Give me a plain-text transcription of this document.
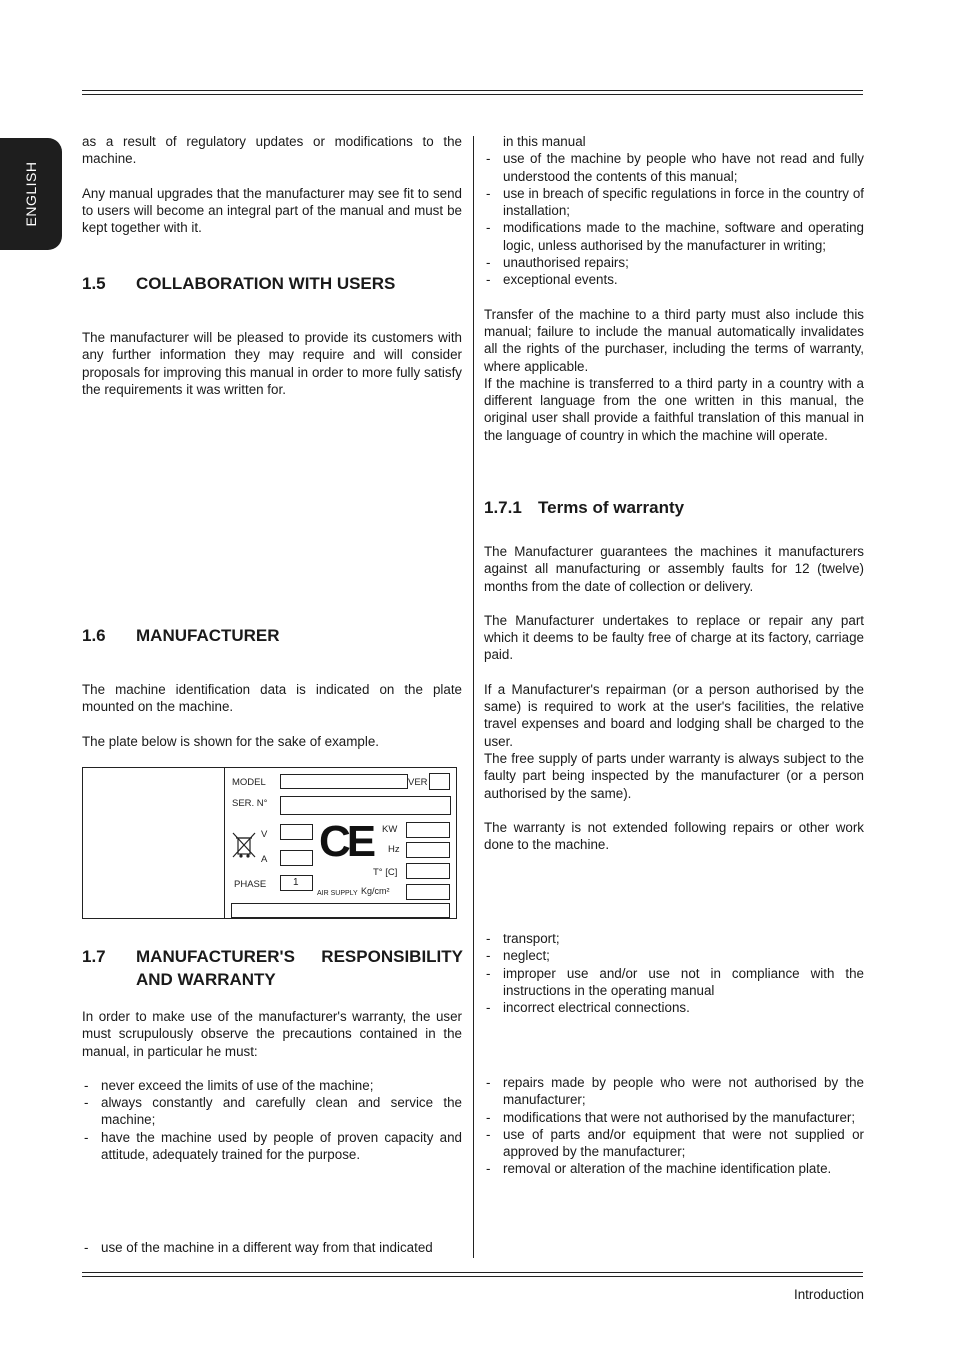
ENGLISH

as a result of regulatory updates or modifications to the machine.

Any manual upgrades that the manufacturer may see fit to send to users will become an integral part of the manual and must be kept together with it.

1.5 COLLABORATION WITH USERS

The manufacturer will be pleased to provide its customers with any further information they may require and will consider proposals for improving this manual in order to more fully satisfy the requirements it was written for.

1.6 MANUFACTURER

The machine identification data is indicated on the plate mounted on the machine.

The plate below is shown for the sake of example.

MODEL	VER
SER. N°
V
A CE KW
Hz
T° [C]
PHASE	1
AIR SUPPLY Kg/cm²
1.7	MANUFACTURER'S RESPONSIBILITY AND WARRANTY

In order to make use of the manufacturer's warranty, the user must scrupulously observe the precautions contained in the manual, in particular he must:

- never exceed the limits of use of the machine;
- always constantly and carefully clean and service the machine;
- have the machine used by people of proven capacity and attitude, adequately trained for the purpose.
- use of the machine in a different way from that indicated

in this manual

- use of the machine by people who have not read and fully understood the contents of this manual;
- use in breach of specific regulations in force in the country of installation;
- modifications made to the machine, software and operating logic, unless authorised by the manufacturer in writing;
- unauthorised repairs;
- exceptional events.

Transfer of the machine to a third party must also include this manual; failure to include the manual automatically invalidates all the rights of the purchaser, including the terms of warranty, where applicable.

If the machine is transferred to a third party in a country with a different language from the one written in this manual, the original user shall provide a faithful translation of this manual in the language of country in which the machine will operate.

1.7.1 Terms of warranty

The Manufacturer guarantees the machines it manufacturers against all manufacturing or assembly faults for 12 (twelve) months from the date of collection or delivery.

The Manufacturer undertakes to replace or repair any part which it deems to be faulty free of charge at its factory, carriage paid.

If a Manufacturer's repairman (or a person authorised by the same) is required to work at the user's facilities, the relative travel expenses and board and lodging shall be charged to the user.

The free supply of parts under warranty is always subject to the faulty part being inspected by the manufacturer (or a person authorised by the same).

The warranty is not extended following repairs or other work done to the machine.

- transport;
- neglect;
- improper use and/or use not in compliance with the instructions in the operating manual
- incorrect electrical connections.
- repairs made by people who were not authorised by the manufacturer;
- modifications that were not authorised by the manufacturer;
- use of parts and/or equipment that were not supplied or approved by the manufacturer;
- removal or alteration of the machine identification plate.
Introduction
